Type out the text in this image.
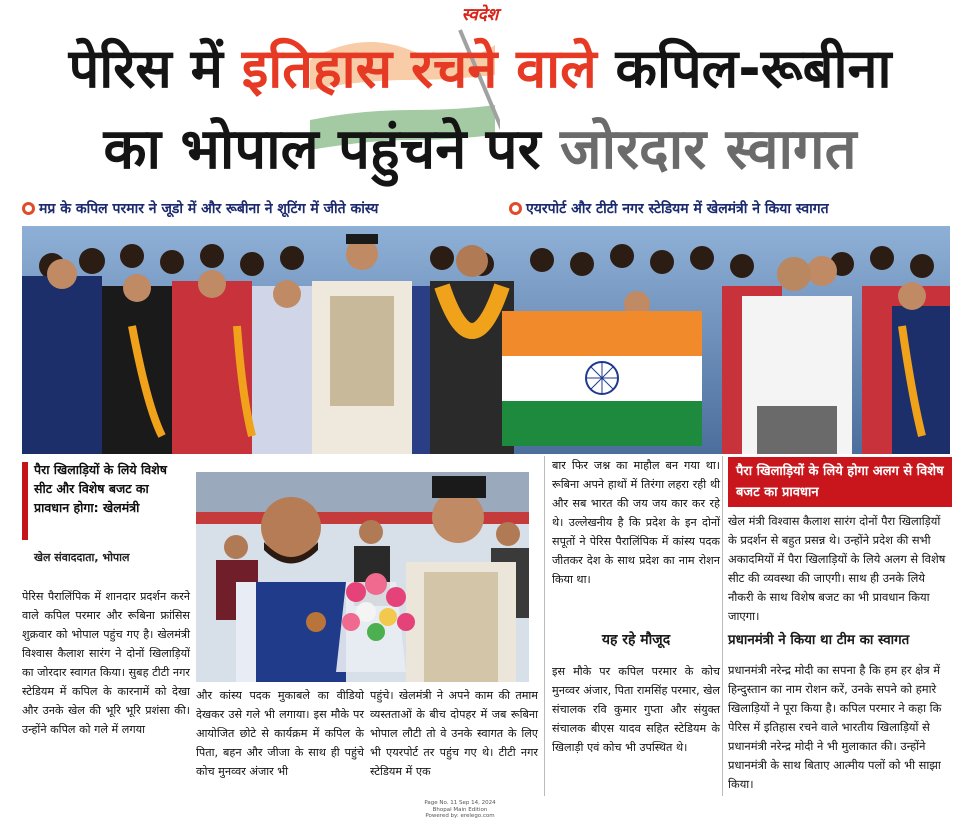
स्वदेश
पेरिस में इतिहास रचने वाले कपिल-रूबीना
का भोपाल पहुंचने पर जोरदार स्वागत
मप्र के कपिल परमार ने जूडो में और रूबीना ने शूटिंग में जीते कांस्य	एयरपोर्ट और टीटी नगर स्टेडियम में खेलमंत्री ने किया स्वागत
पैरा खिलाड़ियों के लिये विशेष सीट और विशेष बजट का प्रावधान होगा: खेलमंत्री
खेल संवाददाता, भोपाल

पेरिस पैरालिंपिक में शानदार प्रदर्शन करने वाले कपिल परमार और रूबिना फ्रांसिस शुक्रवार को भोपाल पहुंच गए है। खेलमंत्री विश्वास कैलाश सारंग ने दोनों खिलाड़ियों का जोरदार स्वागत किया। सुबह टीटी नगर स्टेडियम में कपिल के कारनामें को देखा और उनके खेल की भूरि भूरि प्रशंसा की। उन्होंने कपिल को गले में लगया

और कांस्य पदक मुकाबले का वीडियो देखकर उसे गले भी लगाया। इस मौके पर आयोजित छोटे से कार्यक्रम में कपिल के पिता, बहन और जीजा के साथ ही पहुंचे कोच मुनव्वर अंजार भी

पहुंचे। खेलमंत्री ने अपने काम की तमाम व्यस्तताओं के बीच दोपहर में जब रूबिना भोपाल लौटी तो वे उनके स्वागत के लिए भी एयरपोर्ट तर पहुंच गए थे। टीटी नगर स्टेडियम में एक

बार फिर जश्न का माहौल बन गया था। रूबिना अपने हाथों में तिरंगा लहरा रही थी और सब भारत की जय जय कार कर रहे थे। उल्लेखनीय है कि प्रदेश के इन दोनों सपूतों ने पेरिस पैरालिंपिक में कांस्य पदक जीतकर देश के साथ प्रदेश का नाम रोशन किया था।

यह रहे मौजूद

इस मौके पर कपिल परमार के कोच मुनव्वर अंजार, पिता रामसिंह परमार, खेल संचालक रवि कुमार गुप्ता और संयुक्त संचालक बीएस यादव सहित स्टेडियम के खिलाड़ी एवं कोच भी उपस्थित थे।

पैरा खिलाड़ियों के लिये होगा अलग से विशेष बजट का प्रावधान

खेल मंत्री विश्वास कैलाश सारंग दोनों पैरा खिलाड़ियों के प्रदर्शन से बहुत प्रसन्न थे। उन्होंने प्रदेश की सभी अकादमियों में पैरा खिलाड़ियों के लिये अलग से विशेष सीट की व्यवस्था की जाएगी। साथ ही उनके लिये नौकरी के साथ विशेष बजट का भी प्रावधान किया जाएगा।

प्रधानमंत्री ने किया था टीम का स्वागत

प्रधानमंत्री नरेन्द्र मोदी का सपना है कि हम हर क्षेत्र में हिन्दुस्तान का नाम रोशन करें, उनके सपने को हमारे खिलाड़ियों ने पूरा किया है। कपिल परमार ने कहा कि पेरिस में इतिहास रचने वाले भारतीय खिलाड़ियों से प्रधानमंत्री नरेन्द्र मोदी ने भी मुलाकात की। उन्होंने प्रधानमंत्री के साथ बिताए आत्मीय पलों को भी साझा किया।

Page No. 11 Sep 14, 2024
Bhopal Main Edition
Powered by: erelego.com
